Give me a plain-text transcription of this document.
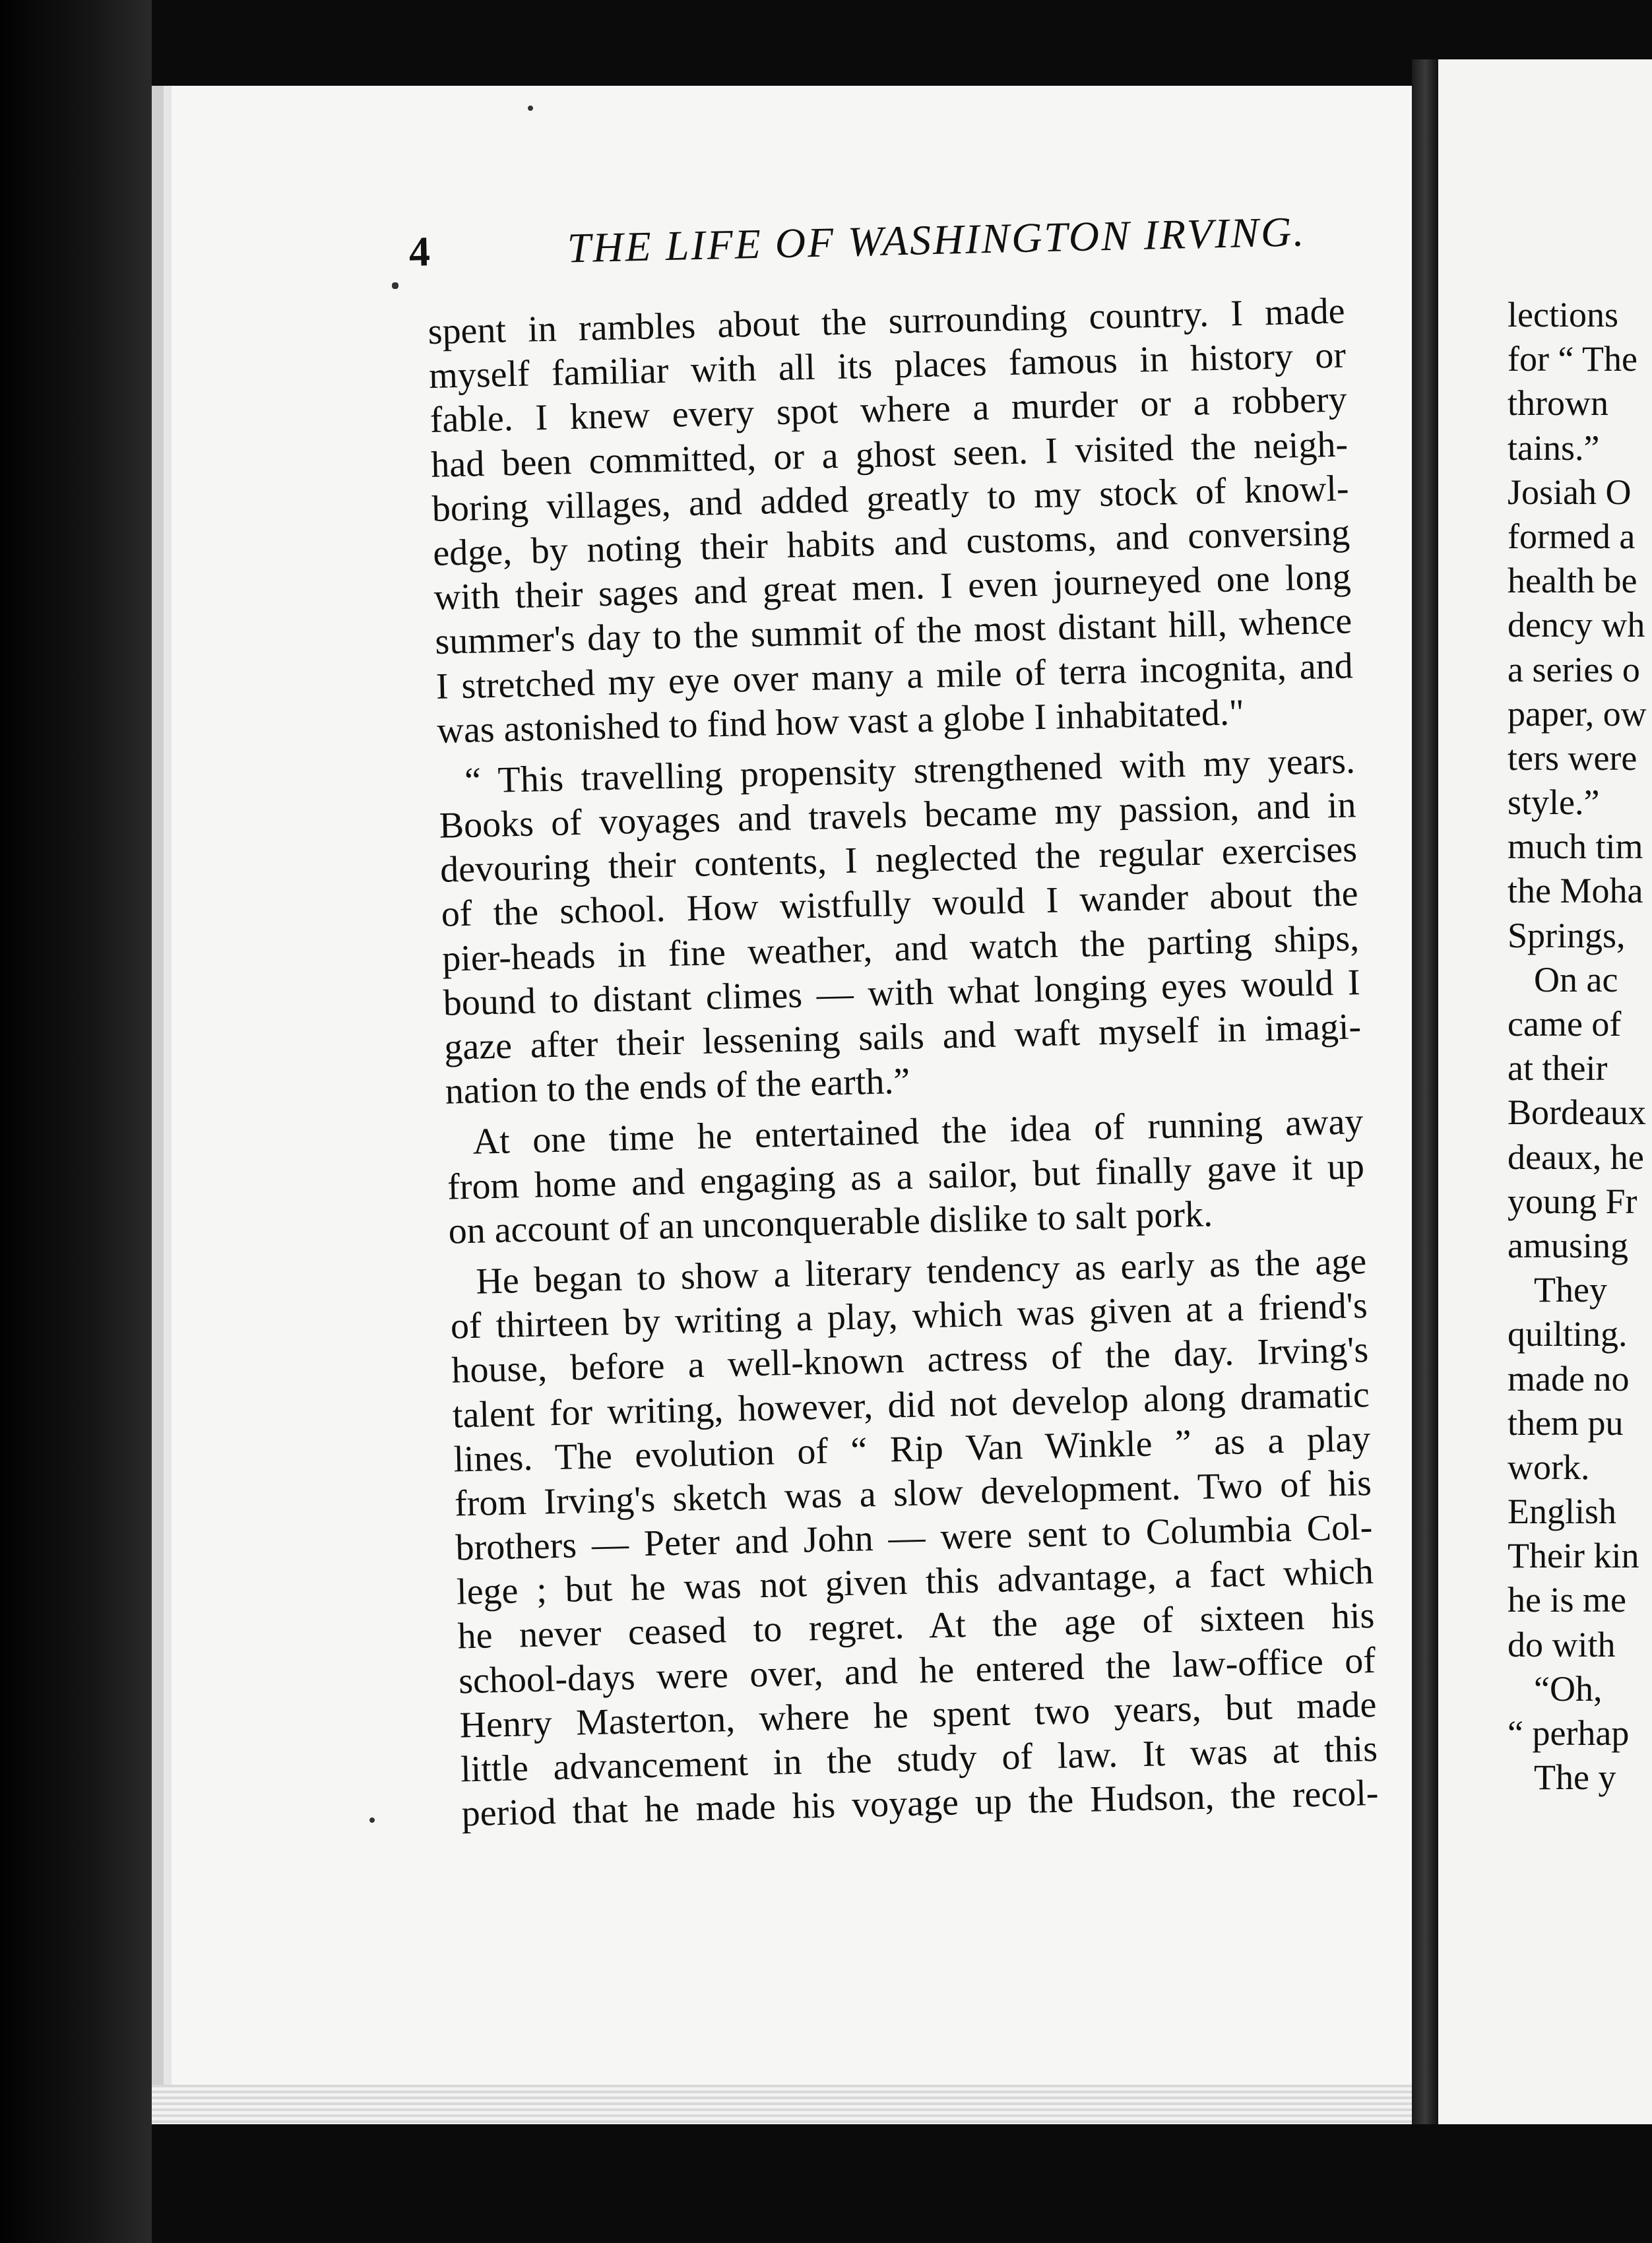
4	THE LIFE OF WASHINGTON IRVING.
spent in rambles about the surrounding country. I made
myself familiar with all its places famous in history or
fable. I knew every spot where a murder or a robbery
had been committed, or a ghost seen. I visited the neigh-
boring villages, and added greatly to my stock of knowl-
edge, by noting their habits and customs, and conversing
with their sages and great men. I even journeyed one long
summer's day to the summit of the most distant hill, whence
I stretched my eye over many a mile of terra incognita, and
was astonished to find how vast a globe I inhabitated."
“ This travelling propensity strengthened with my years.
Books of voyages and travels became my passion, and in
devouring their contents, I neglected the regular exercises
of the school. How wistfully would I wander about the
pier-heads in fine weather, and watch the parting ships,
bound to distant climes — with what longing eyes would I
gaze after their lessening sails and waft myself in imagi-
nation to the ends of the earth.”
At one time he entertained the idea of running away
from home and engaging as a sailor, but finally gave it up
on account of an unconquerable dislike to salt pork.
He began to show a literary tendency as early as the age
of thirteen by writing a play, which was given at a friend's
house, before a well-known actress of the day. Irving's
talent for writing, however, did not develop along dramatic
lines. The evolution of “ Rip Van Winkle ” as a play
from Irving's sketch was a slow development. Two of his
brothers — Peter and John — were sent to Columbia Col-
lege ; but he was not given this advantage, a fact which
he never ceased to regret. At the age of sixteen his
school-days were over, and he entered the law-office of
Henry Masterton, where he spent two years, but made
little advancement in the study of law. It was at this
period that he made his voyage up the Hudson, the recol-
lections
for “ The
thrown
tains.”
Josiah O
formed a
health be
dency wh
a series o
paper, ow
ters were
style.”
much tim
the Moha
Springs,
On ac
came of
at their
Bordeaux
deaux, he
young Fr
amusing
They
quilting.
made no
them pu
work.
English
Their kin
he is me
do with
“Oh,
“ perhap
The y
